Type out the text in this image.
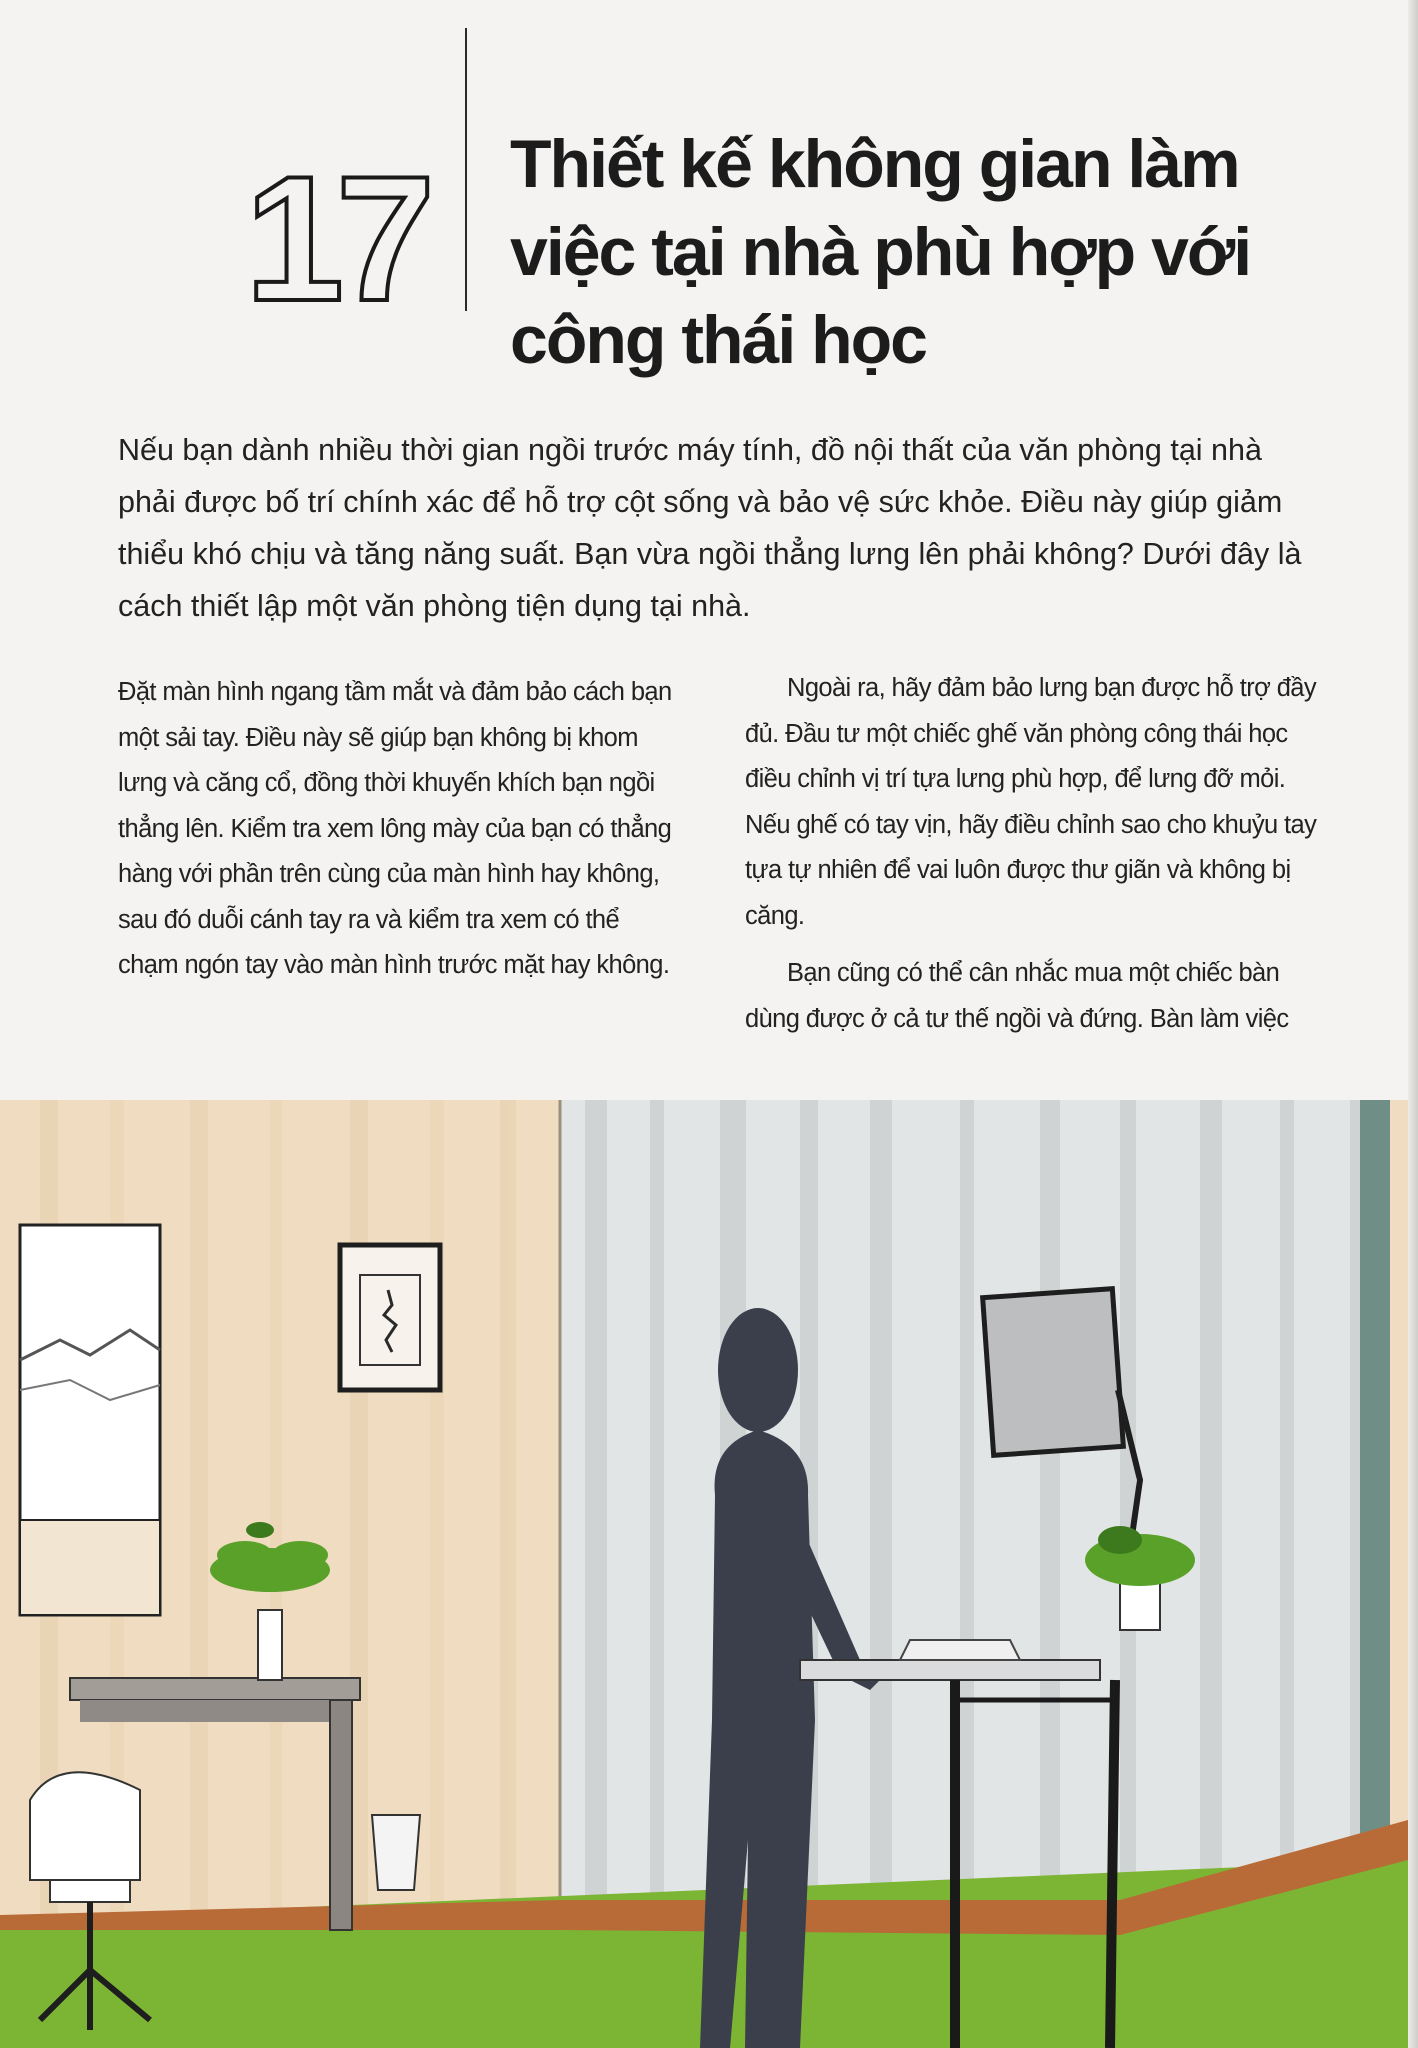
17 Thiết kế không gian làm việc tại nhà phù hợp với công thái học
Nếu bạn dành nhiều thời gian ngồi trước máy tính, đồ nội thất của văn phòng tại nhà phải được bố trí chính xác để hỗ trợ cột sống và bảo vệ sức khỏe. Điều này giúp giảm thiểu khó chịu và tăng năng suất. Bạn vừa ngồi thẳng lưng lên phải không? Dưới đây là cách thiết lập một văn phòng tiện dụng tại nhà.

Đặt màn hình ngang tầm mắt và đảm bảo cách bạn một sải tay. Điều này sẽ giúp bạn không bị khom lưng và căng cổ, đồng thời khuyến khích bạn ngồi thẳng lên. Kiểm tra xem lông mày của bạn có thẳng hàng với phần trên cùng của màn hình hay không, sau đó duỗi cánh tay ra và kiểm tra xem có thể chạm ngón tay vào màn hình trước mặt hay không.

Ngoài ra, hãy đảm bảo lưng bạn được hỗ trợ đầy đủ. Đầu tư một chiếc ghế văn phòng công thái học điều chỉnh vị trí tựa lưng phù hợp, để lưng đỡ mỏi. Nếu ghế có tay vịn, hãy điều chỉnh sao cho khuỷu tay tựa tự nhiên để vai luôn được thư giãn và không bị căng.

Bạn cũng có thể cân nhắc mua một chiếc bàn dùng được ở cả tư thế ngồi và đứng. Bàn làm việc
